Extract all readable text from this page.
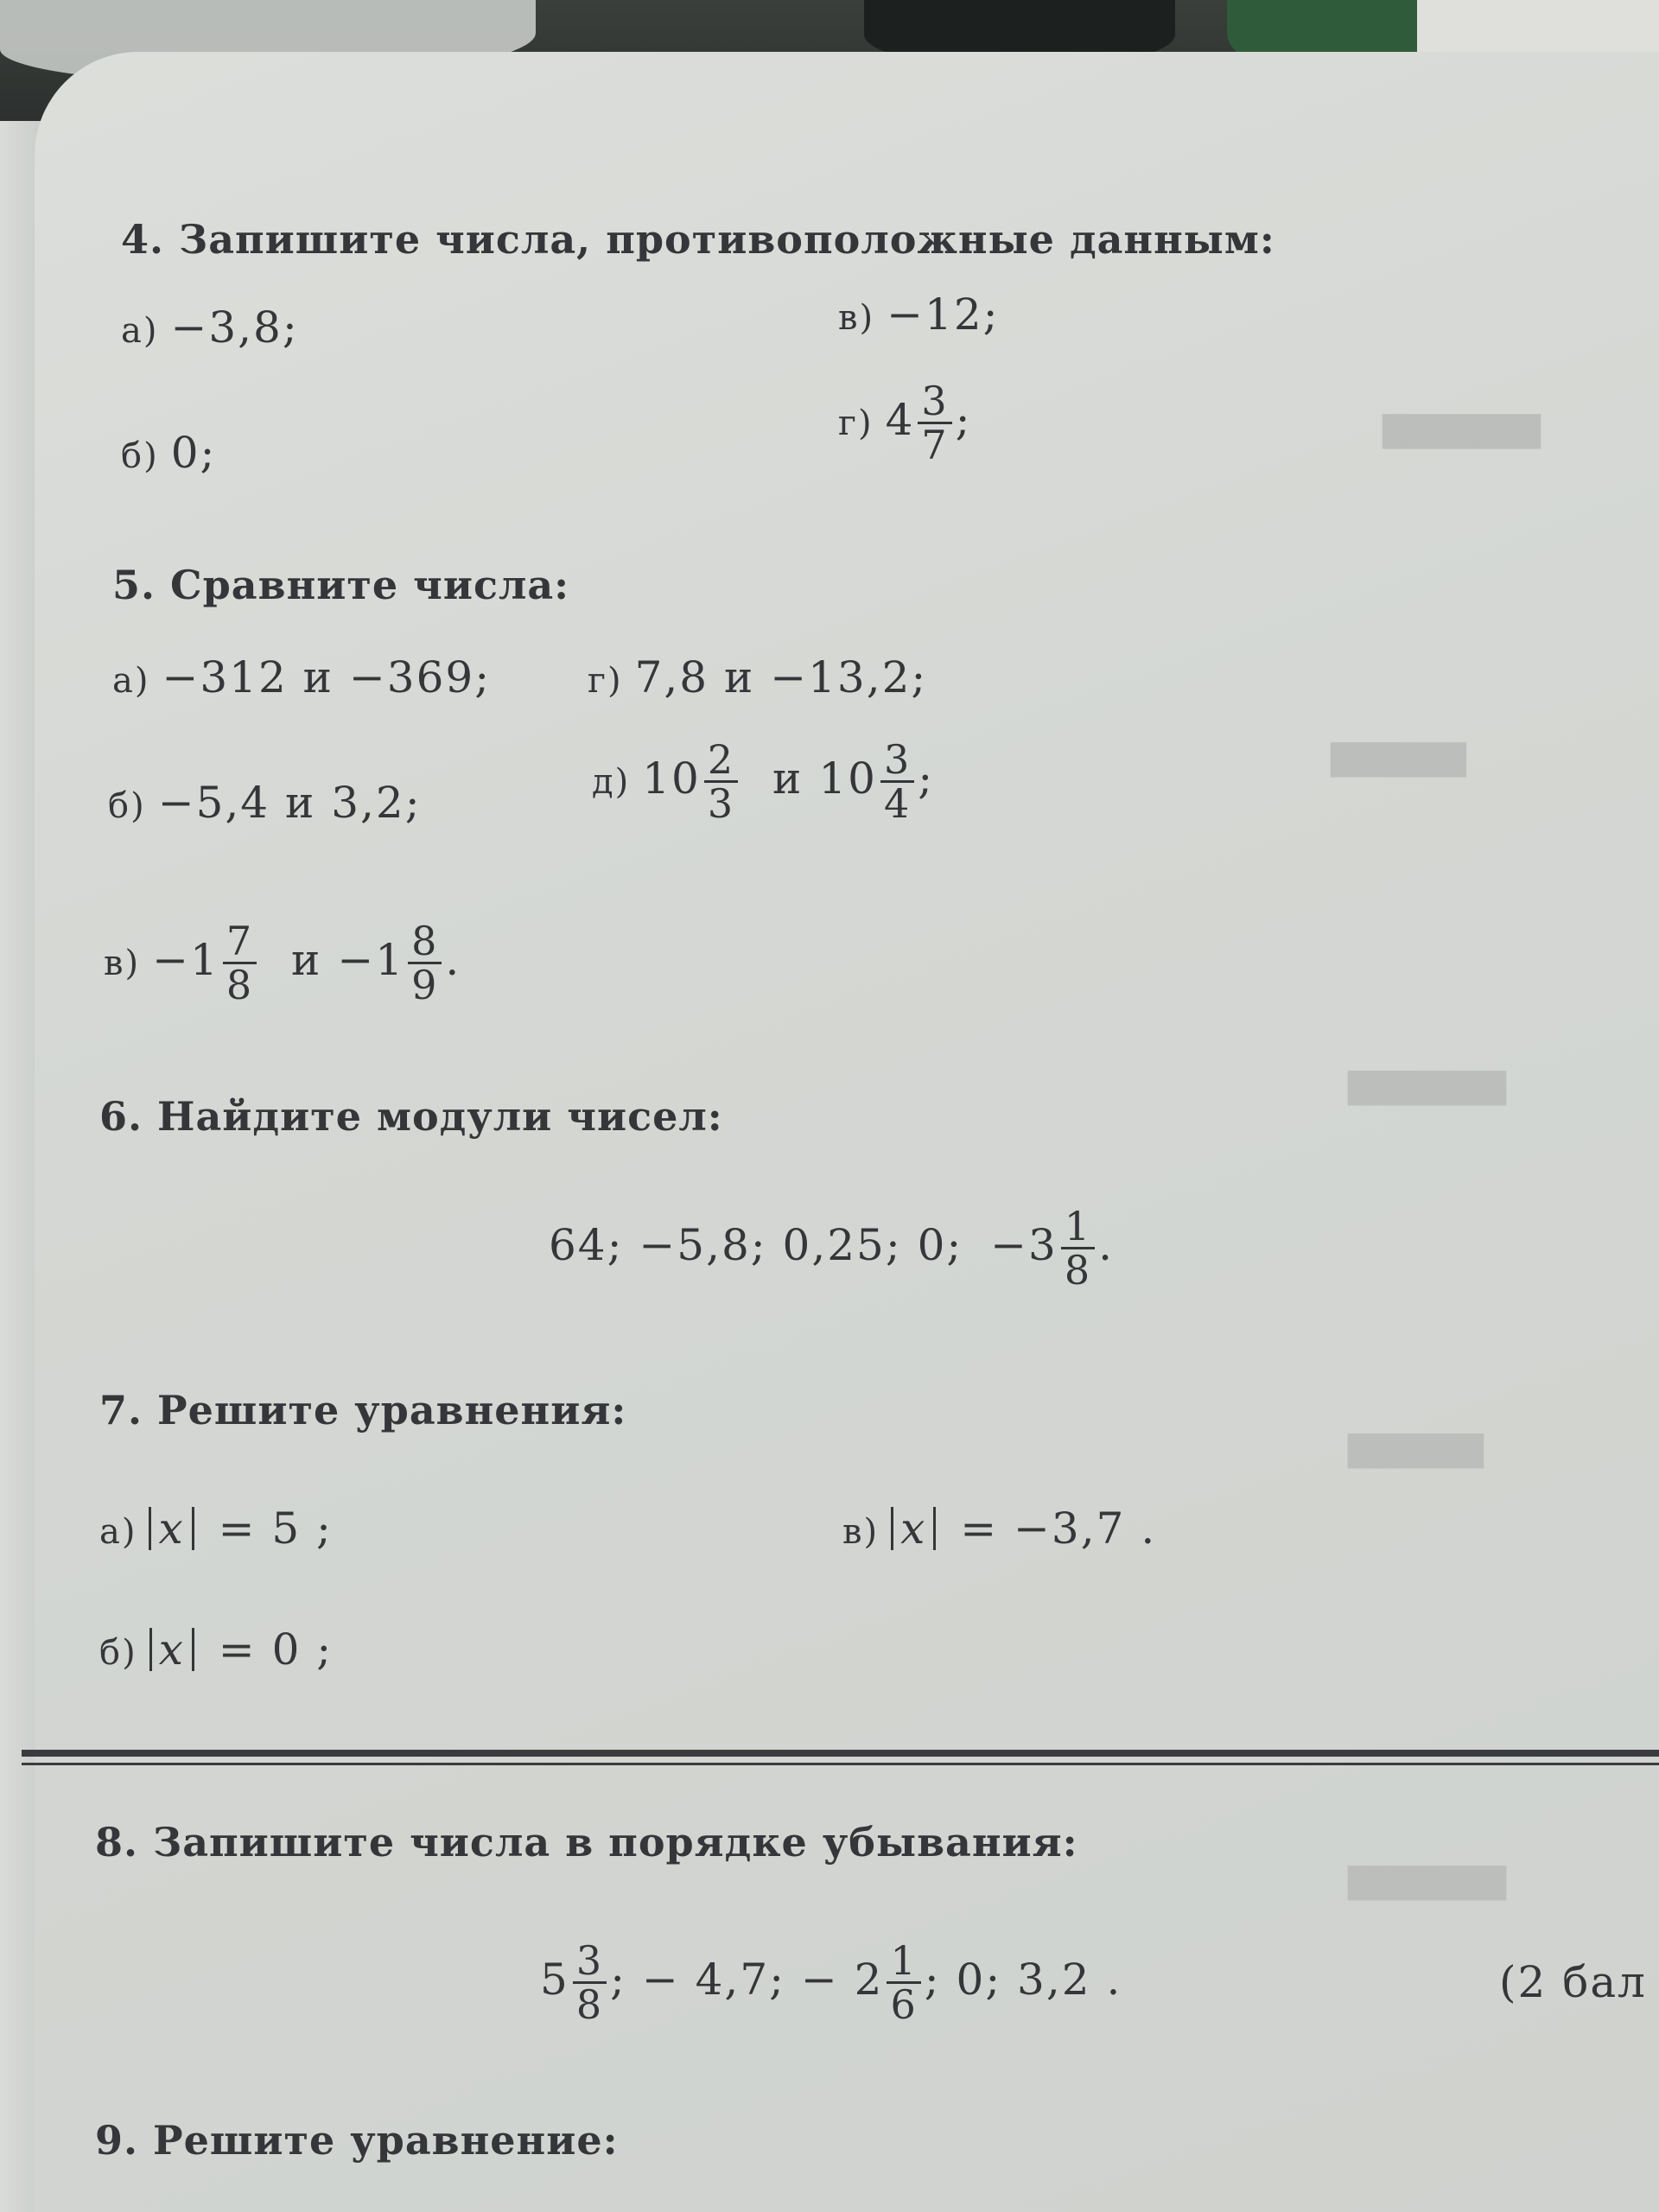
███████
██████
███████
██████
███████
4. Запишите числа, противоположные данным:
а) −3,8;	в) −12;
б) 0;
г) $4 \frac{3}{7}$ ;
5. Сравните числа:
а) −312 и −369;	г) 7,8 и −13,2;
б) −5,4 и 3,2;	д) $10 \frac{2}{3}$ и $10 \frac{3}{4}$ ;
$в) -1 \frac{7}{8}$ $и -1 \frac{8}{9}$ .
6. Найдите модули чисел:
64; −5,8; 0,25; 0; $-3 \frac{1}{8}$ .
7. Решите уравнения:
а) x = 5 ;	в) x = −3,7 .
б) x = 0 ;
8. Запишите числа в порядке убывания:
$5 \frac{3}{8}$ ; − 4,7; − $2 \frac{1}{6}$ ; 0; 3,2 .	(2 бал
9. Решите уравнение:
